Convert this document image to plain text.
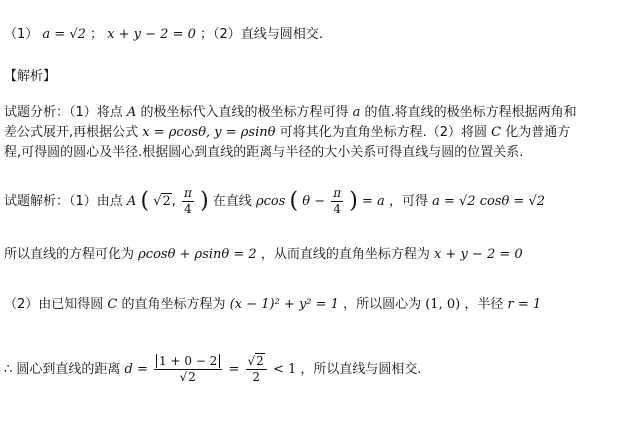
（1） a = √2 ； x + y − 2 = 0 ；（2）直线与圆相交.
【解析】
试题分析：（1）将点 A 的极坐标代入直线的极坐标方程可得 a 的值.将直线的极坐标方程根据两角和
差公式展开,再根据公式 x = ρcosθ, y = ρsinθ 可将其化为直角坐标方程.（2）将圆 C 化为普通方
程,可得圆的圆心及半径.根据圆心到直线的距离与半径的大小关系可得直线与圆的位置关系.
试题解析：（1）由点 A ( √2, $\frac{\pi}{4}$ ) 在直线 ρcos ( $\theta - \frac{\pi}{4}$ ) = a ，可得 a = √2 cosθ = √2
所以直线的方程可化为 ρcosθ + ρsinθ = 2 ，从而直线的直角坐标方程为 x + y − 2 = 0
（2）由已知得圆 C 的直角坐标方程为 (x − 1)² + y² = 1 ，所以圆心为 (1, 0) ，半径 r = 1
∴ 圆心到直线的距离 $d = \frac{1 + 0 - 2}{√2} = \frac{√2}{2} < 1$ ，所以直线与圆相交.
